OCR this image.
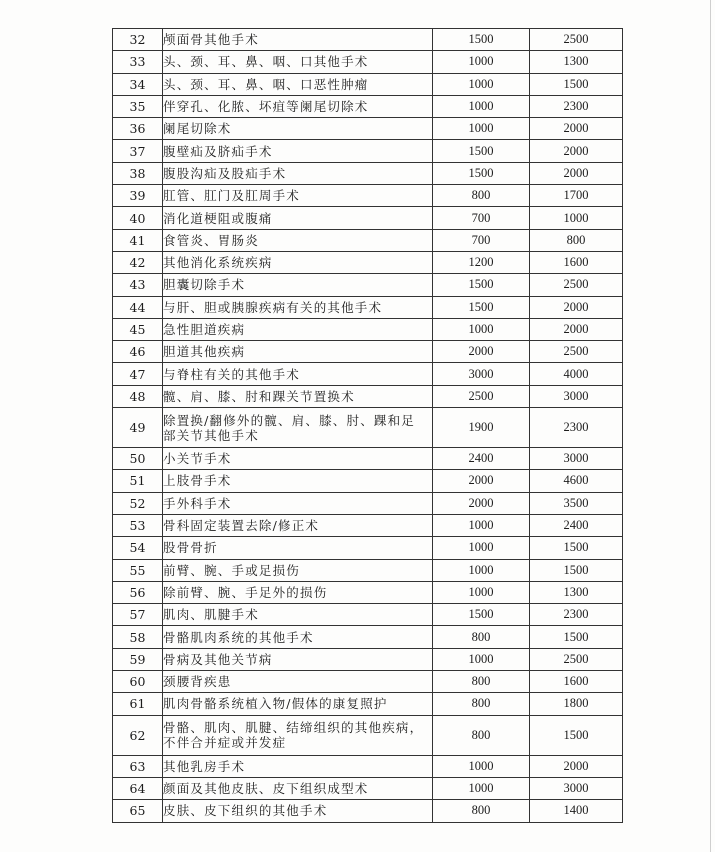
32	颅面骨其他手术	1500	2500
33	头、颈、耳、鼻、咽、口其他手术	1000	1300
34	头、颈、耳、鼻、咽、口恶性肿瘤	1000	1500
35	伴穿孔、化脓、坏疽等阑尾切除术	1000	2300
36	阑尾切除术	1000	2000
37	腹壁疝及脐疝手术	1500	2000
38	腹股沟疝及股疝手术	1500	2000
39	肛管、肛门及肛周手术	800	1700
40	消化道梗阻或腹痛	700	1000
41	食管炎、胃肠炎	700	800
42	其他消化系统疾病	1200	1600
43	胆囊切除手术	1500	2500
44	与肝、胆或胰腺疾病有关的其他手术	1500	2000
45	急性胆道疾病	1000	2000
46	胆道其他疾病	2000	2500
47	与脊柱有关的其他手术	3000	4000
48	髋、肩、膝、肘和踝关节置换术	2500	3000
49	除置换/翻修外的髋、肩、膝、肘、踝和足部关节其他手术	1900	2300
50	小关节手术	2400	3000
51	上肢骨手术	2000	4600
52	手外科手术	2000	3500
53	骨科固定装置去除/修正术	1000	2400
54	股骨骨折	1000	1500
55	前臂、腕、手或足损伤	1000	1500
56	除前臂、腕、手足外的损伤	1000	1300
57	肌肉、肌腱手术	1500	2300
58	骨骼肌肉系统的其他手术	800	1500
59	骨病及其他关节病	1000	2500
60	颈腰背疾患	800	1600
61	肌肉骨骼系统植入物/假体的康复照护	800	1800
62	骨骼、肌肉、肌腱、结缔组织的其他疾病，不伴合并症或并发症	800	1500
63	其他乳房手术	1000	2000
64	颜面及其他皮肤、皮下组织成型术	1000	3000
65	皮肤、皮下组织的其他手术	800	1400
